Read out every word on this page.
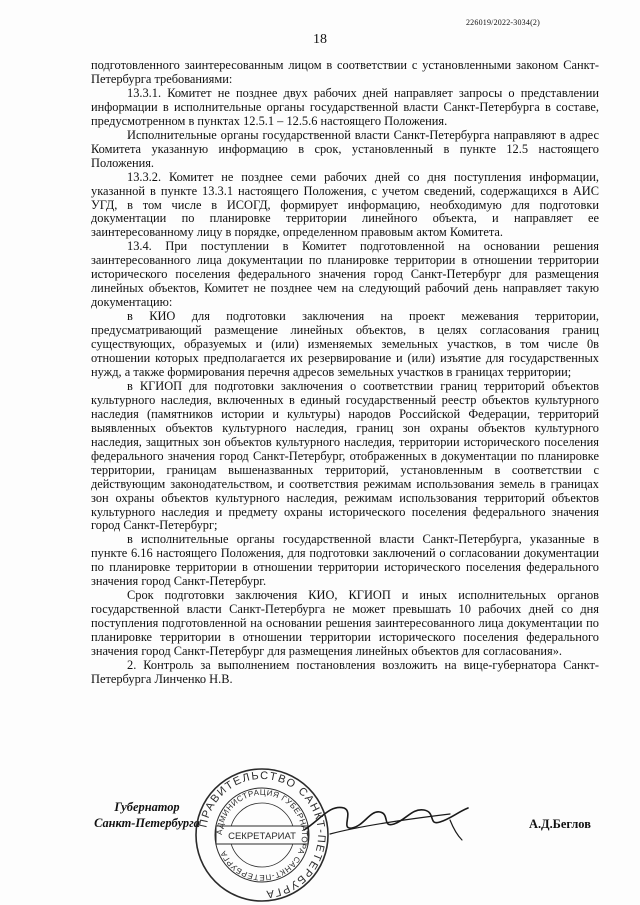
226019/2022-3034(2)
18

подготовленного заинтересованным лицом в соответствии с установленными законом Санкт-Петербурга требованиями:

13.3.1. Комитет не позднее двух рабочих дней направляет запросы о представлении информации в исполнительные органы государственной власти Санкт-Петербурга в составе, предусмотренном в пунктах 12.5.1 – 12.5.6 настоящего Положения.

Исполнительные органы государственной власти Санкт-Петербурга направляют в адрес Комитета указанную информацию в срок, установленный в пункте 12.5 настоящего Положения.

13.3.2. Комитет не позднее семи рабочих дней со дня поступления информации, указанной в пункте 13.3.1 настоящего Положения, с учетом сведений, содержащихся в АИС УГД, в том числе в ИСОГД, формирует информацию, необходимую для подготовки документации по планировке территории линейного объекта, и направляет ее заинтересованному лицу в порядке, определенном правовым актом Комитета.

13.4. При поступлении в Комитет подготовленной на основании решения заинтересованного лица документации по планировке территории в отношении территории исторического поселения федерального значения город Санкт-Петербург для размещения линейных объектов, Комитет не позднее чем на следующий рабочий день направляет такую документацию:

в КИО для подготовки заключения на проект межевания территории, предусматривающий размещение линейных объектов, в целях согласования границ существующих, образуемых и (или) изменяемых земельных участков, в том числе 0в отношении которых предполагается их резервирование и (или) изъятие для государственных нужд, а также формирования перечня адресов земельных участков в границах территории;

в КГИОП для подготовки заключения о соответствии границ территорий объектов культурного наследия, включенных в единый государственный реестр объектов культурного наследия (памятников истории и культуры) народов Российской Федерации, территорий выявленных объектов культурного наследия, границ зон охраны объектов культурного наследия, защитных зон объектов культурного наследия, территории исторического поселения федерального значения город Санкт-Петербург, отображенных в документации по планировке территории, границам вышеназванных территорий, установленным в соответствии с действующим законодательством, и соответствия режимам использования земель в границах зон охраны объектов культурного наследия, режимам использования территорий объектов культурного наследия и предмету охраны исторического поселения федерального значения город Санкт-Петербург;

в исполнительные органы государственной власти Санкт-Петербурга, указанные в пункте 6.16 настоящего Положения, для подготовки заключений о согласовании документации по планировке территории в отношении территории исторического поселения федерального значения город Санкт-Петербург.

Срок подготовки заключения КИО, КГИОП и иных исполнительных органов государственной власти Санкт-Петербурга не может превышать 10 рабочих дней со дня поступления подготовленной на основании решения заинтересованного лица документации по планировке территории в отношении территории исторического поселения федерального значения город Санкт-Петербург для размещения линейных объектов для согласования».

2. Контроль за выполнением постановления возложить на вице-губернатора Санкт-Петербурга Линченко Н.В.

Губернатор
Санкт-Петербурга
ПРАВИТЕЛЬСТВО САНКТ-ПЕТЕРБУРГА
АДМИНИСТРАЦИЯ ГУБЕРНАТОРА САНКТ-ПЕТЕРБУРГА
СЕКРЕТАРИАТ
А.Д.Беглов
